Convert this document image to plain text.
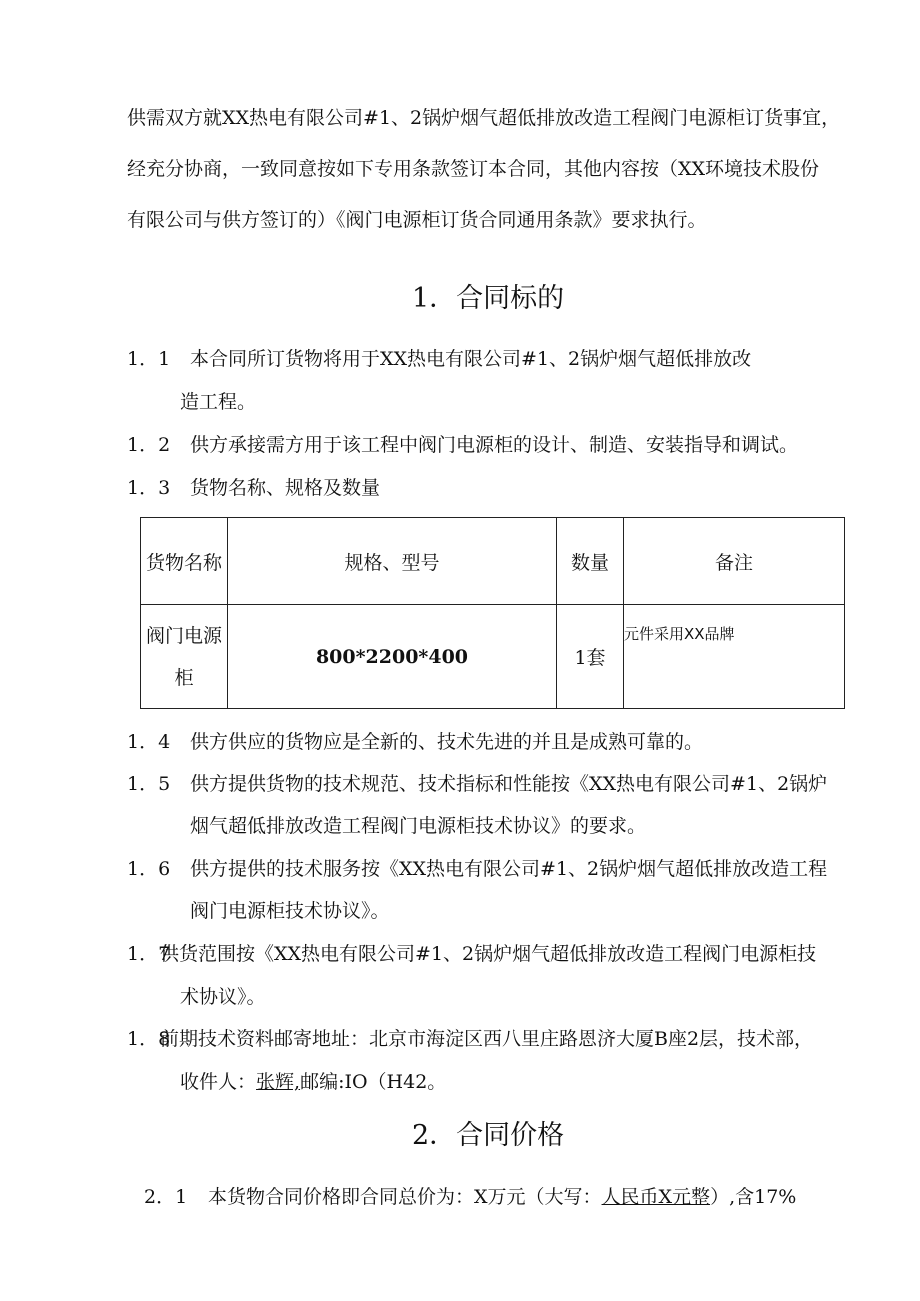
供需双方就XX热电有限公司#1、2锅炉烟气超低排放改造工程阀门电源柜订货事宜，
经充分协商，一致同意按如下专用条款签订本合同，其他内容按（XX环境技术股份
有限公司与供方签订的）《阀门电源柜订货合同通用条款》要求执行。
1．合同标的
1．1 本合同所订货物将用于XX热电有限公司#1、2锅炉烟气超低排放改
造工程。
1．2 供方承接需方用于该工程中阀门电源柜的设计、制造、安装指导和调试。
1．3 货物名称、规格及数量
货物名称	规格、型号	数量	备注
阀门电源柜	800*2200*400	1套	元件采用XX品牌
1．4 供方供应的货物应是全新的、技术先进的并且是成熟可靠的。
1．5 供方提供货物的技术规范、技术指标和性能按《XX热电有限公司#1、2锅炉
烟气超低排放改造工程阀门电源柜技术协议》的要求。
1．6 供方提供的技术服务按《XX热电有限公司#1、2锅炉烟气超低排放改造工程
阀门电源柜技术协议》。
1．7
供货范围按《XX热电有限公司#1、2锅炉烟气超低排放改造工程阀门电源柜技
术协议》。
1．8
前期技术资料邮寄地址：北京市海淀区西八里庄路恩济大厦B座2层，技术部，
收件人：张辉,邮编:IO（H42。
2．合同价格
2．1 本货物合同价格即合同总价为：X万元（大写：人民币X元整）,含17%
